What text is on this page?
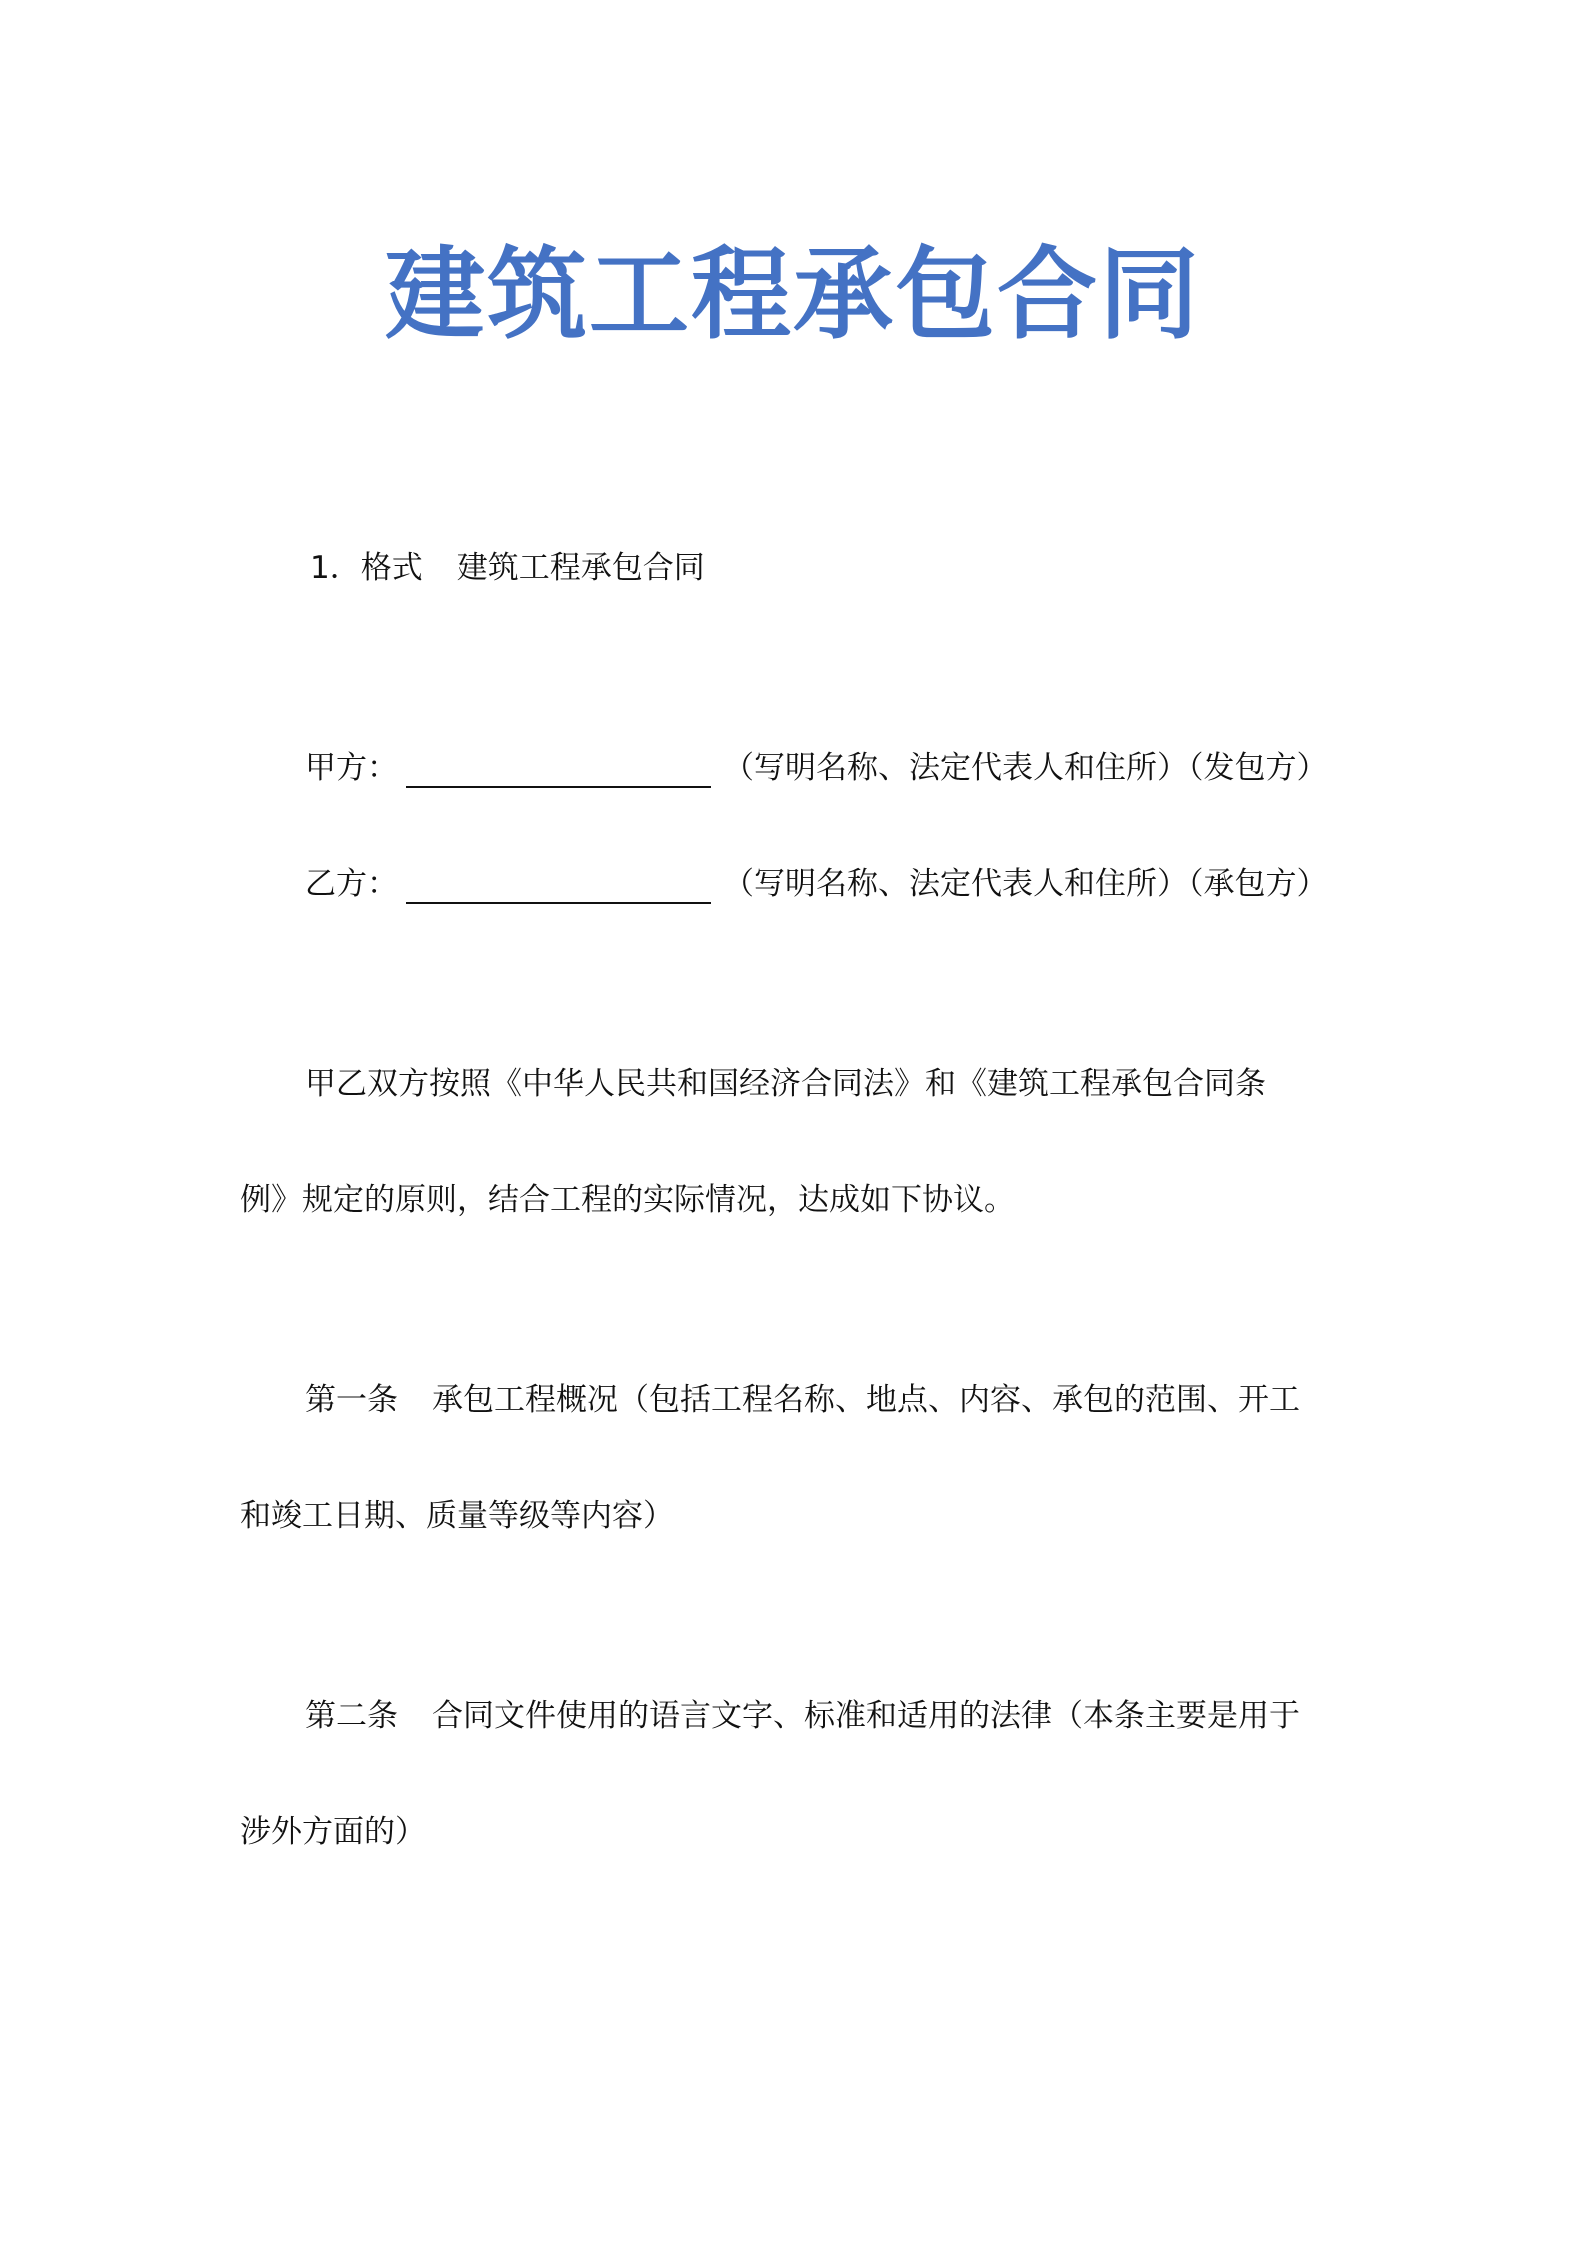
建筑工程承包合同
1．格式 建筑工程承包合同
甲方：	（写明名称、法定代表人和住所）（发包方）
乙方：	（写明名称、法定代表人和住所）（承包方）
甲乙双方按照《中华人民共和国经济合同法》和《建筑工程承包合同条
例》规定的原则，结合工程的实际情况，达成如下协议。
第一条 承包工程概况（包括工程名称、地点、内容、承包的范围、开工
和竣工日期、质量等级等内容）
第二条 合同文件使用的语言文字、标准和适用的法律（本条主要是用于
涉外方面的）
